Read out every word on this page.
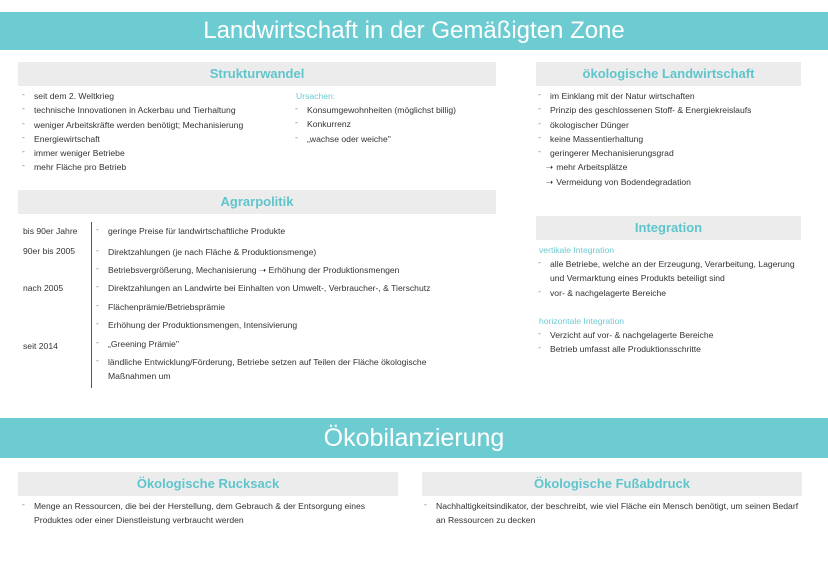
Landwirtschaft in der Gemäßigten Zone
Strukturwandel
- seit dem 2. Weltkrieg
- technische Innovationen in Ackerbau und Tierhaltung
- weniger Arbeitskräfte werden benötigt; Mechanisierung
- Energiewirtschaft
- immer weniger Betriebe
- mehr Fläche pro Betrieb
Ursachen:
- Konsumgewohnheiten (möglichst billig)
- Konkurrenz
- „wachse oder weiche"
Agrarpolitik
bis 90er Jahre
90er bis 2005
nach 2005
seit 2014
- geringe Preise für landwirtschaftliche Produkte
- Direktzahlungen (je nach Fläche & Produktionsmenge)
- Betriebsvergrößerung, Mechanisierung ➝ Erhöhung der Produktionsmengen
- Direktzahlungen an Landwirte bei Einhalten von Umwelt-, Verbraucher-, & Tierschutz
- Flächenprämie/Betriebsprämie
- Erhöhung der Produktionsmengen, Intensivierung
- „Greening Prämie"
- ländliche Entwicklung/Förderung, Betriebe setzen auf Teilen der Fläche ökologische Maßnahmen um
ökologische Landwirtschaft
- im Einklang mit der Natur wirtschaften
- Prinzip des geschlossenen Stoff- & Energiekreislaufs
- ökologischer Dünger
- keine Massentierhaltung
- geringerer Mechanisierungsgrad
➝ mehr Arbeitsplätze
➝ Vermeidung von Bodendegradation
Integration
vertikale Integration
- alle Betriebe, welche an der Erzeugung, Verarbeitung, Lagerung und Vermarktung eines Produkts beteiligt sind
- vor- & nachgelagerte Bereiche
horizontale Integration
- Verzicht auf vor- & nachgelagerte Bereiche
- Betrieb umfasst alle Produktionsschritte
Ökobilanzierung
Ökologische Rucksack
- Menge an Ressourcen, die bei der Herstellung, dem Gebrauch & der Entsorgung eines Produktes oder einer Dienstleistung verbraucht werden
Ökologische Fußabdruck
- Nachhaltigkeitsindikator, der beschreibt, wie viel Fläche ein Mensch benötigt, um seinen Bedarf an Ressourcen zu decken
